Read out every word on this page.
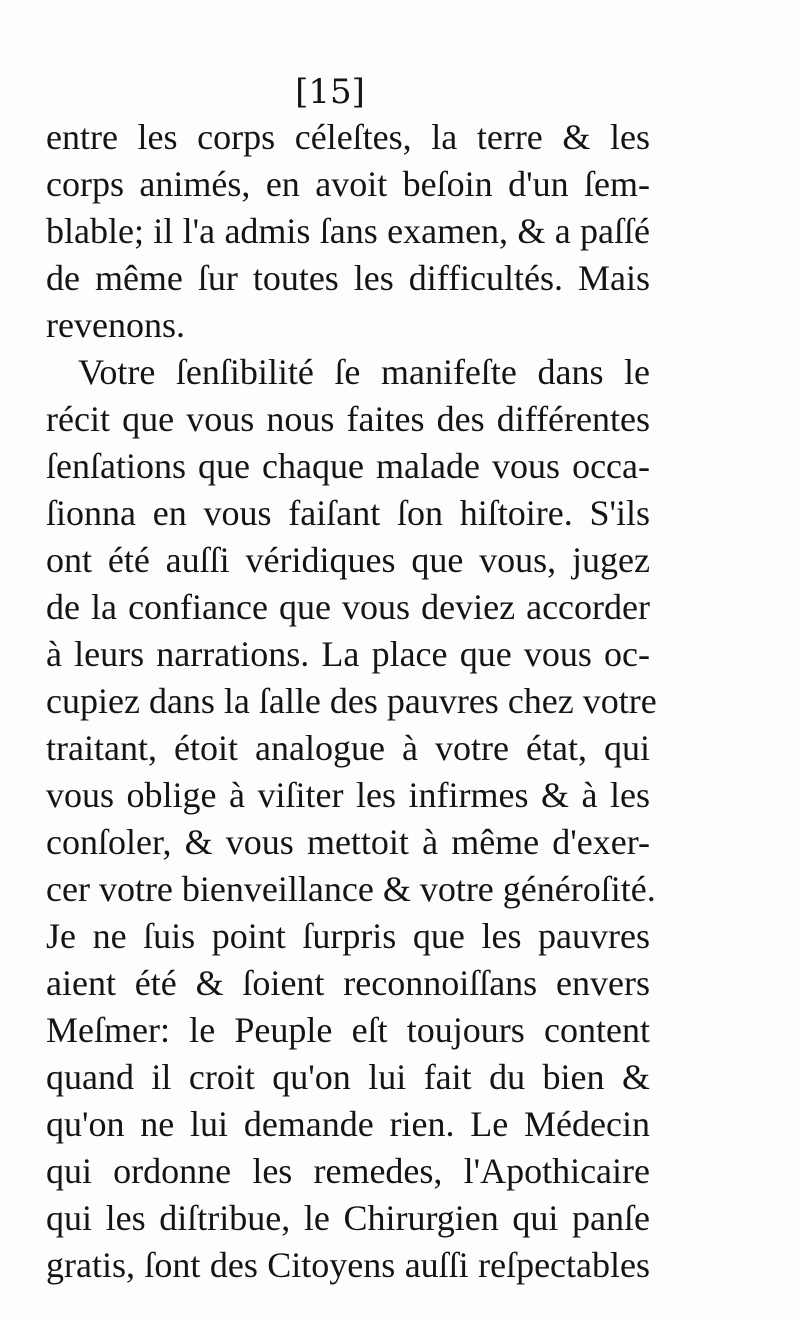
[15]
entre les corps céleſtes, la terre & les
corps animés, en avoit beſoin d'un ſem-
blable; il l'a admis ſans examen, & a paſſé
de même ſur toutes les difficultés. Mais
revenons.
Votre ſenſibilité ſe manifeſte dans le
récit que vous nous faites des différentes
ſenſations que chaque malade vous occa-
ſionna en vous faiſant ſon hiſtoire. S'ils
ont été auſſi véridiques que vous, jugez
de la confiance que vous deviez accorder
à leurs narrations. La place que vous oc-
cupiez dans la ſalle des pauvres chez votre
traitant, étoit analogue à votre état, qui
vous oblige à viſiter les infirmes & à les
conſoler, & vous mettoit à même d'exer-
cer votre bienveillance & votre généroſité.
Je ne ſuis point ſurpris que les pauvres
aient été & ſoient reconnoiſſans envers
Meſmer: le Peuple eſt toujours content
quand il croit qu'on lui fait du bien &
qu'on ne lui demande rien. Le Médecin
qui ordonne les remedes, l'Apothicaire
qui les diſtribue, le Chirurgien qui panſe
gratis, ſont des Citoyens auſſi reſpectables
